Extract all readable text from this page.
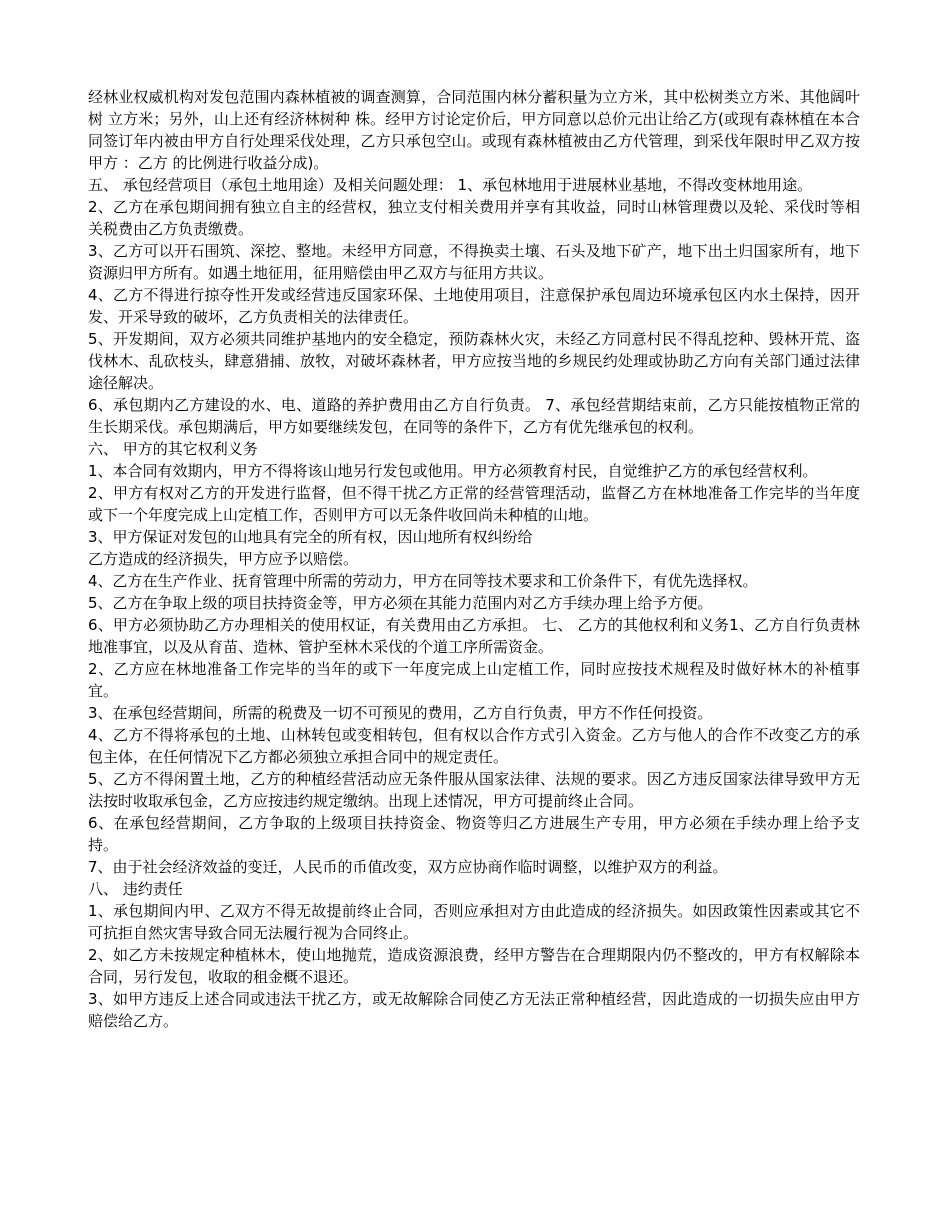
经林业权威机构对发包范围内森林植被的调查测算，合同范围内林分蓄积量为立方米，其中松树类立方米、其他阔叶树 立方米；另外，山上还有经济林树种 株。经甲方讨论定价后，甲方同意以总价元出让给乙方(或现有森林植在本合同签订年内被由甲方自行处理采伐处理，乙方只承包空山。或现有森林植被由乙方代管理，到采伐年限时甲乙双方按甲方 ：乙方 的比例进行收益分成)。

五、 承包经营项目（承包土地用途）及相关问题处理： 1、承包林地用于进展林业基地，不得改变林地用途。

2、乙方在承包期间拥有独立自主的经营权，独立支付相关费用并享有其收益，同时山林管理费以及轮、采伐时等相关税费由乙方负责缴费。

3、乙方可以开石围筑、深挖、整地。未经甲方同意，不得换卖土壤、石头及地下矿产，地下出土归国家所有，地下资源归甲方所有。如遇土地征用，征用赔偿由甲乙双方与征用方共议。

4、乙方不得进行掠夺性开发或经营违反国家环保、土地使用项目，注意保护承包周边环境承包区内水土保持，因开发、开采导致的破坏，乙方负责相关的法律责任。

5、开发期间，双方必须共同维护基地内的安全稳定，预防森林火灾，未经乙方同意村民不得乱挖种、毁林开荒、盗伐林木、乱砍枝头，肆意猎捕、放牧，对破坏森林者，甲方应按当地的乡规民约处理或协助乙方向有关部门通过法律途径解决。

6、承包期内乙方建设的水、电、道路的养护费用由乙方自行负责。 7、承包经营期结束前，乙方只能按植物正常的生长期采伐。承包期满后，甲方如要继续发包，在同等的条件下，乙方有优先继承包的权利。

六、 甲方的其它权利义务

1、本合同有效期内，甲方不得将该山地另行发包或他用。甲方必须教育村民，自觉维护乙方的承包经营权利。

2、甲方有权对乙方的开发进行监督，但不得干扰乙方正常的经营管理活动，监督乙方在林地准备工作完毕的当年度或下一个年度完成上山定植工作，否则甲方可以无条件收回尚未种植的山地。

3、甲方保证对发包的山地具有完全的所有权，因山地所有权纠纷给

乙方造成的经济损失，甲方应予以赔偿。

4、乙方在生产作业、抚育管理中所需的劳动力，甲方在同等技术要求和工价条件下，有优先选择权。

5、乙方在争取上级的项目扶持资金等，甲方必须在其能力范围内对乙方手续办理上给予方便。

6、甲方必须协助乙方办理相关的使用权证，有关费用由乙方承担。 七、 乙方的其他权利和义务1、乙方自行负责林地准事宜，以及从育苗、造林、管护至林木采伐的个道工序所需资金。

2、乙方应在林地准备工作完毕的当年的或下一年度完成上山定植工作，同时应按技术规程及时做好林木的补植事宜。

3、在承包经营期间，所需的税费及一切不可预见的费用，乙方自行负责，甲方不作任何投资。

4、乙方不得将承包的土地、山林转包或变相转包，但有权以合作方式引入资金。乙方与他人的合作不改变乙方的承包主体，在任何情况下乙方都必须独立承担合同中的规定责任。

5、乙方不得闲置土地，乙方的种植经营活动应无条件服从国家法律、法规的要求。因乙方违反国家法律导致甲方无法按时收取承包金，乙方应按违约规定缴纳。出现上述情况，甲方可提前终止合同。

6、在承包经营期间，乙方争取的上级项目扶持资金、物资等归乙方进展生产专用，甲方必须在手续办理上给予支持。

7、由于社会经济效益的变迁，人民币的币值改变，双方应协商作临时调整，以维护双方的利益。

八、 违约责任

1、承包期间内甲、乙双方不得无故提前终止合同，否则应承担对方由此造成的经济损失。如因政策性因素或其它不可抗拒自然灾害导致合同无法履行视为合同终止。

2、如乙方未按规定种植林木，使山地抛荒，造成资源浪费，经甲方警告在合理期限内仍不整改的，甲方有权解除本合同，另行发包，收取的租金概不退还。

3、如甲方违反上述合同或违法干扰乙方，或无故解除合同使乙方无法正常种植经营，因此造成的一切损失应由甲方赔偿给乙方。
